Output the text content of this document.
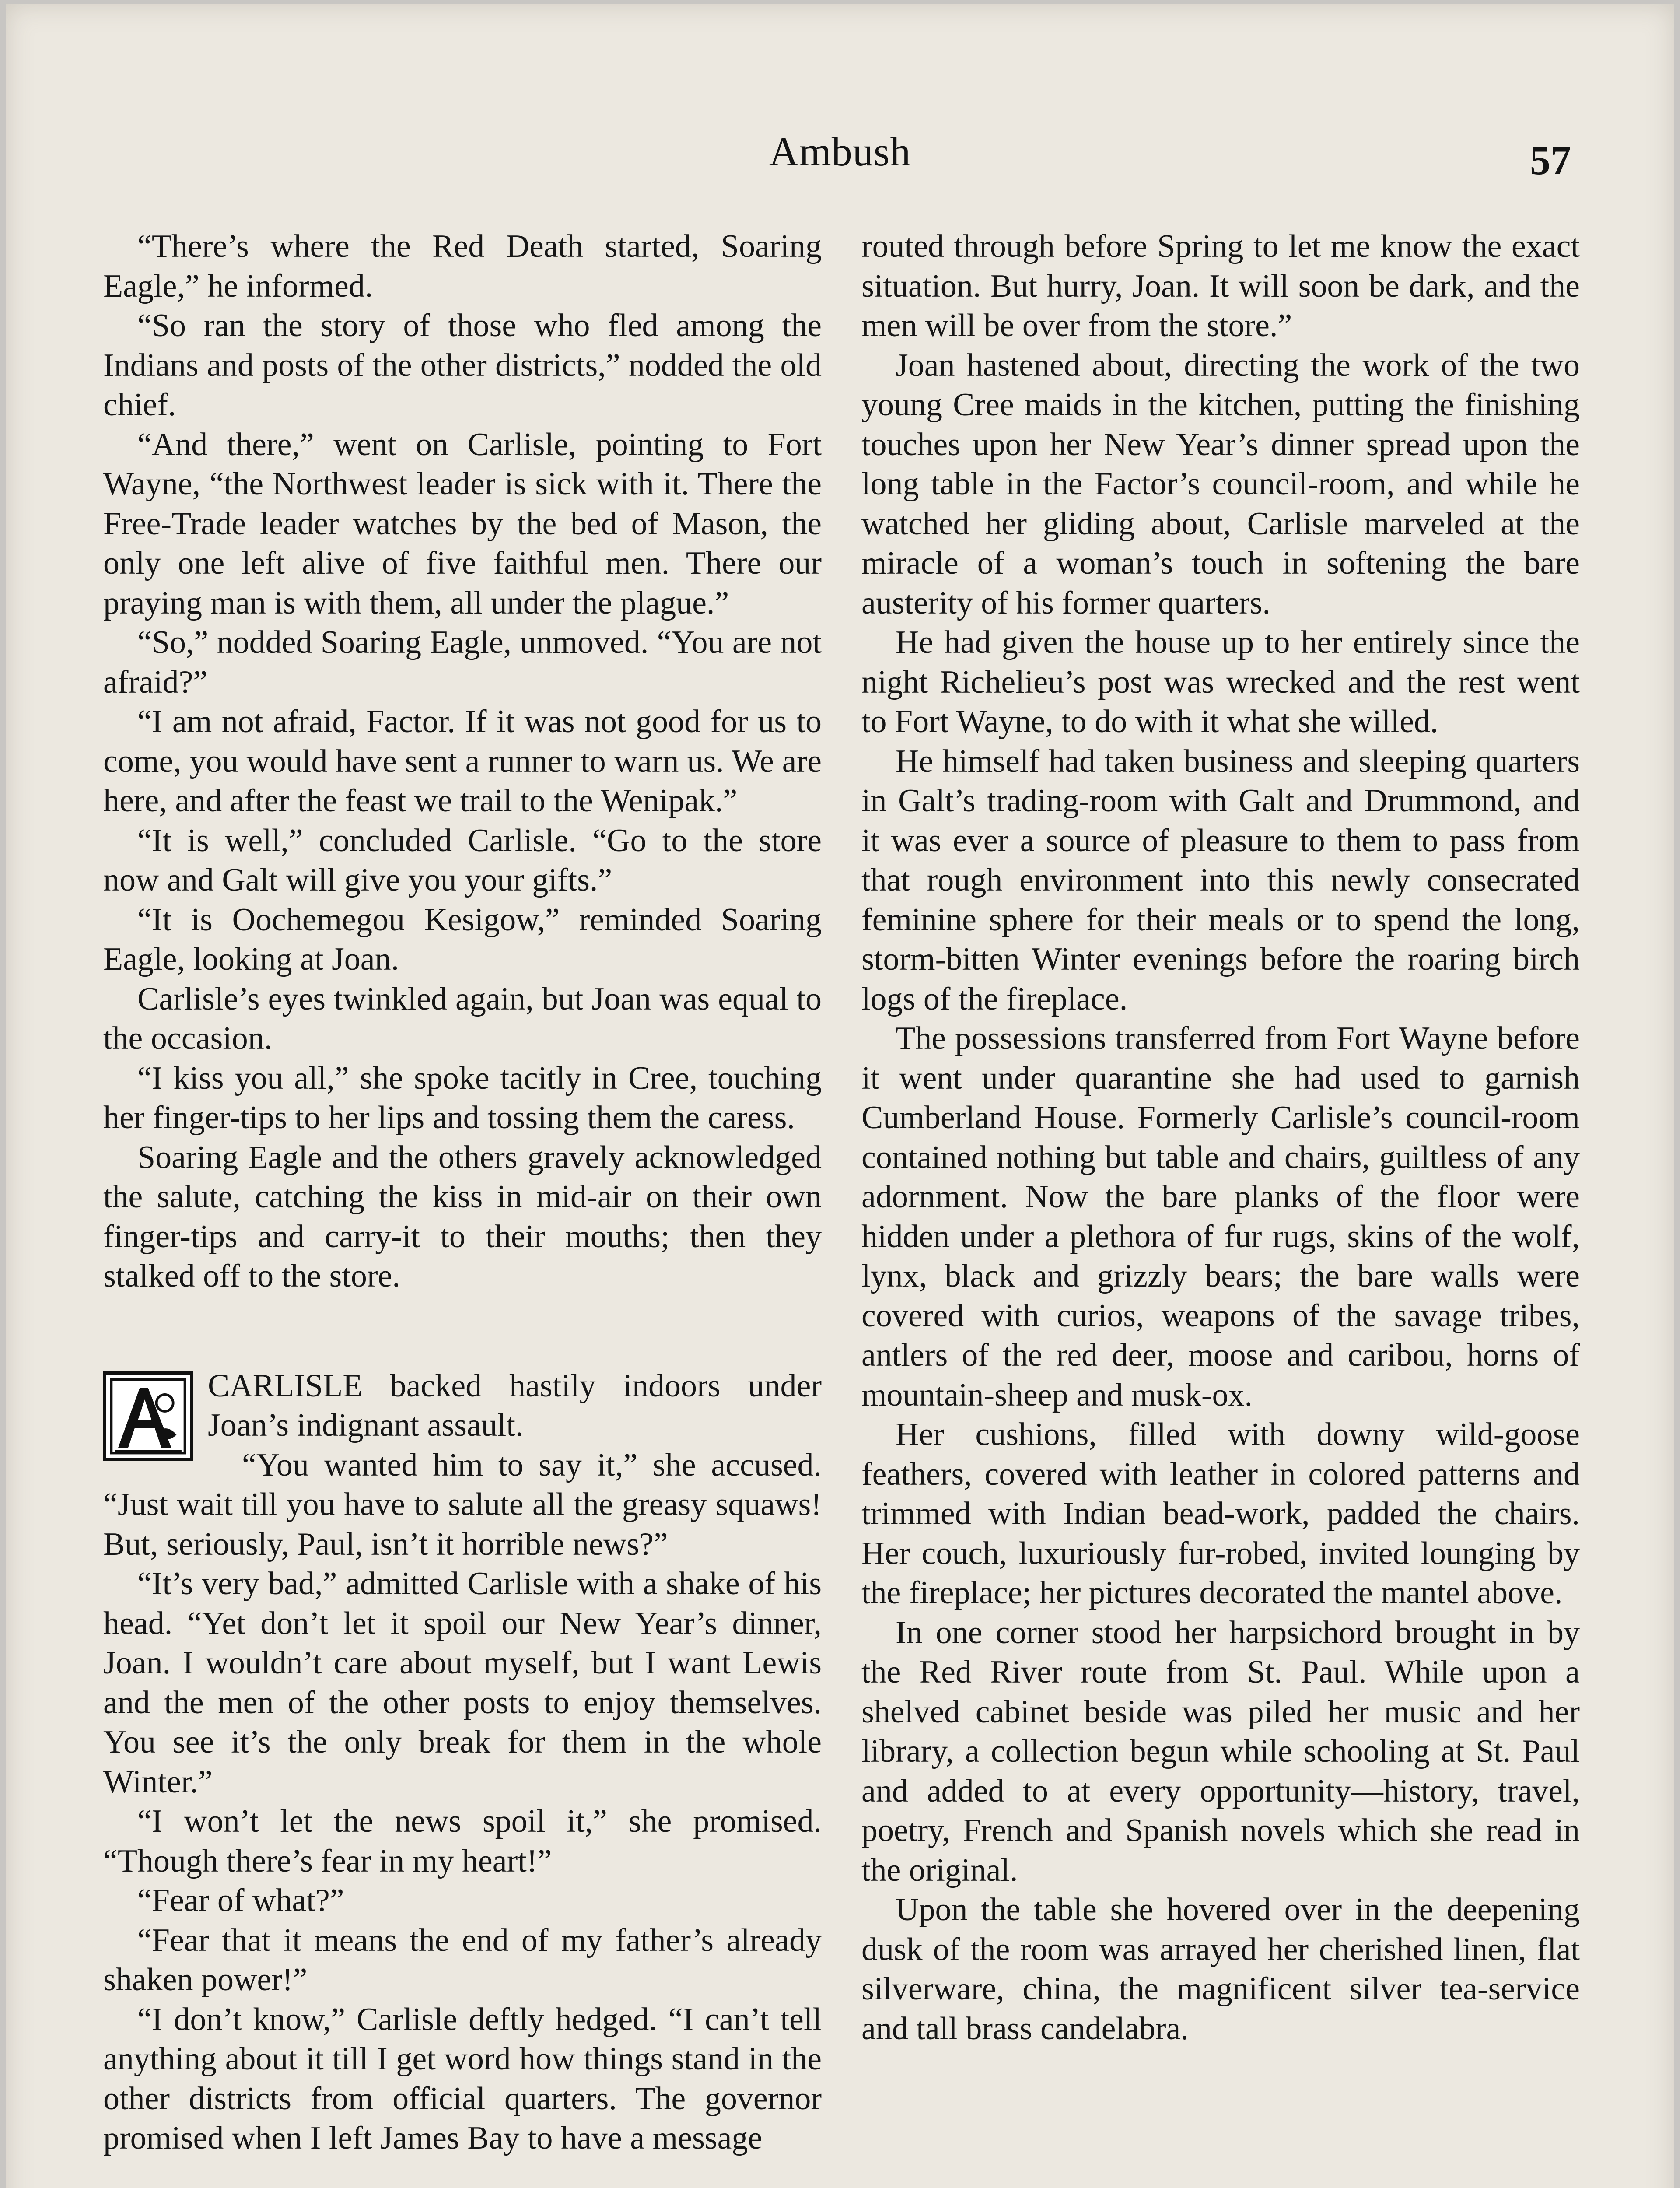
Ambush	57

“There’s where the Red Death started, Soaring Eagle,” he informed.

“So ran the story of those who fled among the Indians and posts of the other districts,” nodded the old chief.

“And there,” went on Carlisle, pointing to Fort Wayne, “the Northwest leader is sick with it. There the Free-Trade leader watches by the bed of Mason, the only one left alive of five faithful men. There our praying man is with them, all under the plague.”

“So,” nodded Soaring Eagle, unmoved. “You are not afraid?”

“I am not afraid, Factor. If it was not good for us to come, you would have sent a runner to warn us. We are here, and after the feast we trail to the Wenipak.”

“It is well,” concluded Carlisle. “Go to the store now and Galt will give you your gifts.”

“It is Oochemegou Kesigow,” reminded Soaring Eagle, looking at Joan.

Carlisle’s eyes twinkled again, but Joan was equal to the occasion.

“I kiss you all,” she spoke tacitly in Cree, touching her finger-tips to her lips and tossing them the caress.

Soaring Eagle and the others gravely acknowledged the salute, catching the kiss in mid-air on their own finger-tips and carry-it to their mouths; then they stalked off to the store.

CARLISLE backed hastily indoors under Joan’s indignant assault.

“You wanted him to say it,” she accused. “Just wait till you have to salute all the greasy squaws! But, seriously, Paul, isn’t it horrible news?”

“It’s very bad,” admitted Carlisle with a shake of his head. “Yet don’t let it spoil our New Year’s dinner, Joan. I wouldn’t care about myself, but I want Lewis and the men of the other posts to enjoy themselves. You see it’s the only break for them in the whole Winter.”

“I won’t let the news spoil it,” she promised. “Though there’s fear in my heart!”

“Fear of what?”

“Fear that it means the end of my father’s already shaken power!”

“I don’t know,” Carlisle deftly hedged. “I can’t tell anything about it till I get word how things stand in the other districts from official quarters. The governor promised when I left James Bay to have a message

routed through before Spring to let me know the exact situation. But hurry, Joan. It will soon be dark, and the men will be over from the store.”

Joan hastened about, directing the work of the two young Cree maids in the kitchen, putting the finishing touches upon her New Year’s dinner spread upon the long table in the Factor’s council-room, and while he watched her gliding about, Carlisle marveled at the miracle of a woman’s touch in softening the bare austerity of his former quarters.

He had given the house up to her entirely since the night Richelieu’s post was wrecked and the rest went to Fort Wayne, to do with it what she willed.

He himself had taken business and sleeping quarters in Galt’s trading-room with Galt and Drummond, and it was ever a source of pleasure to them to pass from that rough environment into this newly consecrated feminine sphere for their meals or to spend the long, storm-bitten Winter evenings before the roaring birch logs of the fireplace.

The possessions transferred from Fort Wayne before it went under quarantine she had used to garnish Cumberland House. Formerly Carlisle’s council-room contained nothing but table and chairs, guiltless of any adornment. Now the bare planks of the floor were hidden under a plethora of fur rugs, skins of the wolf, lynx, black and grizzly bears; the bare walls were covered with curios, weapons of the savage tribes, antlers of the red deer, moose and caribou, horns of mountain-sheep and musk-ox.

Her cushions, filled with downy wild-goose feathers, covered with leather in colored patterns and trimmed with Indian bead-work, padded the chairs. Her couch, luxuriously fur-robed, invited lounging by the fireplace; her pictures decorated the mantel above.

In one corner stood her harpsichord brought in by the Red River route from St. Paul. While upon a shelved cabinet beside was piled her music and her library, a collection begun while schooling at St. Paul and added to at every opportunity—history, travel, poetry, French and Spanish novels which she read in the original.

Upon the table she hovered over in the deepening dusk of the room was arrayed her cherished linen, flat silverware, china, the magnificent silver tea-service and tall brass candelabra.
